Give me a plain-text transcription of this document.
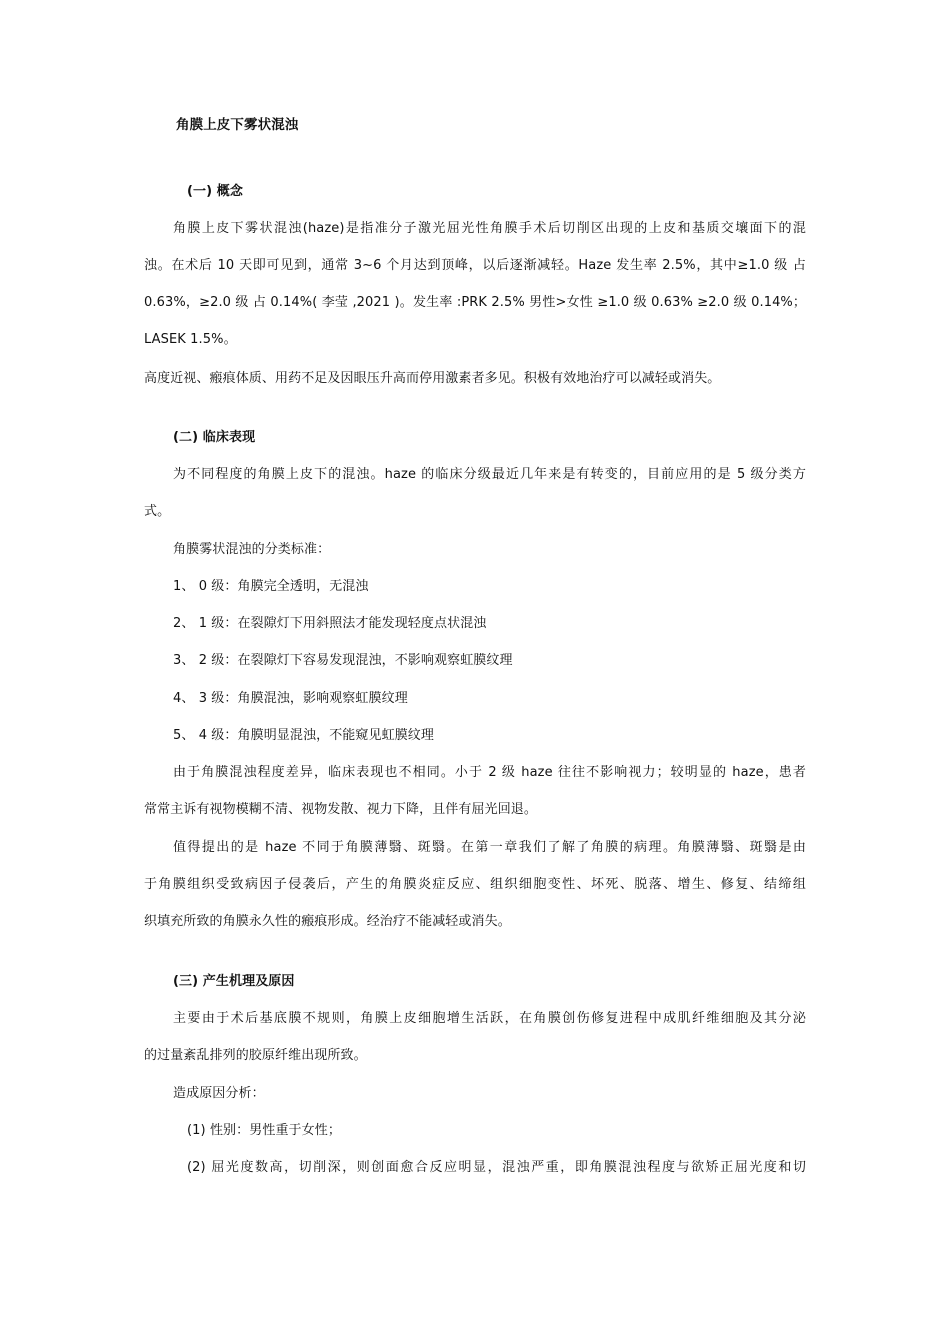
角膜上皮下雾状混浊
(一) 概念
角膜上皮下雾状混浊(haze)是指准分子激光屈光性角膜手术后切削区出现的上皮和基质交壤面下的混
浊。在术后 10 天即可见到，通常 3~6 个月达到顶峰，以后逐渐减轻。Haze 发生率 2.5%，其中≥1.0 级 占
0.63%，≥2.0 级 占 0.14%( 李莹 ,2021 )。发生率 :PRK 2.5% 男性>女性 ≥1.0 级 0.63% ≥2.0 级 0.14%；
LASEK 1.5%。
高度近视、瘢痕体质、用药不足及因眼压升高而停用激素者多见。积极有效地治疗可以减轻或消失。
(二) 临床表现
为不同程度的角膜上皮下的混浊。haze 的临床分级最近几年来是有转变的，目前应用的是 5 级分类方
式。
角膜雾状混浊的分类标准：
1、 0 级：角膜完全透明，无混浊
2、 1 级：在裂隙灯下用斜照法才能发现轻度点状混浊
3、 2 级：在裂隙灯下容易发现混浊，不影响观察虹膜纹理
4、 3 级：角膜混浊，影响观察虹膜纹理
5、 4 级：角膜明显混浊，不能窥见虹膜纹理
由于角膜混浊程度差异，临床表现也不相同。小于 2 级 haze 往往不影响视力；较明显的 haze，患者
常常主诉有视物模糊不清、视物发散、视力下降，且伴有屈光回退。
值得提出的是 haze 不同于角膜薄翳、斑翳。在第一章我们了解了角膜的病理。角膜薄翳、斑翳是由
于角膜组织受致病因子侵袭后，产生的角膜炎症反应、组织细胞变性、坏死、脱落、增生、修复、结缔组
织填充所致的角膜永久性的瘢痕形成。经治疗不能减轻或消失。
(三) 产生机理及原因
主要由于术后基底膜不规则，角膜上皮细胞增生活跃，在角膜创伤修复进程中成肌纤维细胞及其分泌
的过量紊乱排列的胶原纤维出现所致。
造成原因分析：
(1) 性别：男性重于女性；
(2) 屈光度数高，切削深，则创面愈合反应明显，混浊严重，即角膜混浊程度与欲矫正屈光度和切
